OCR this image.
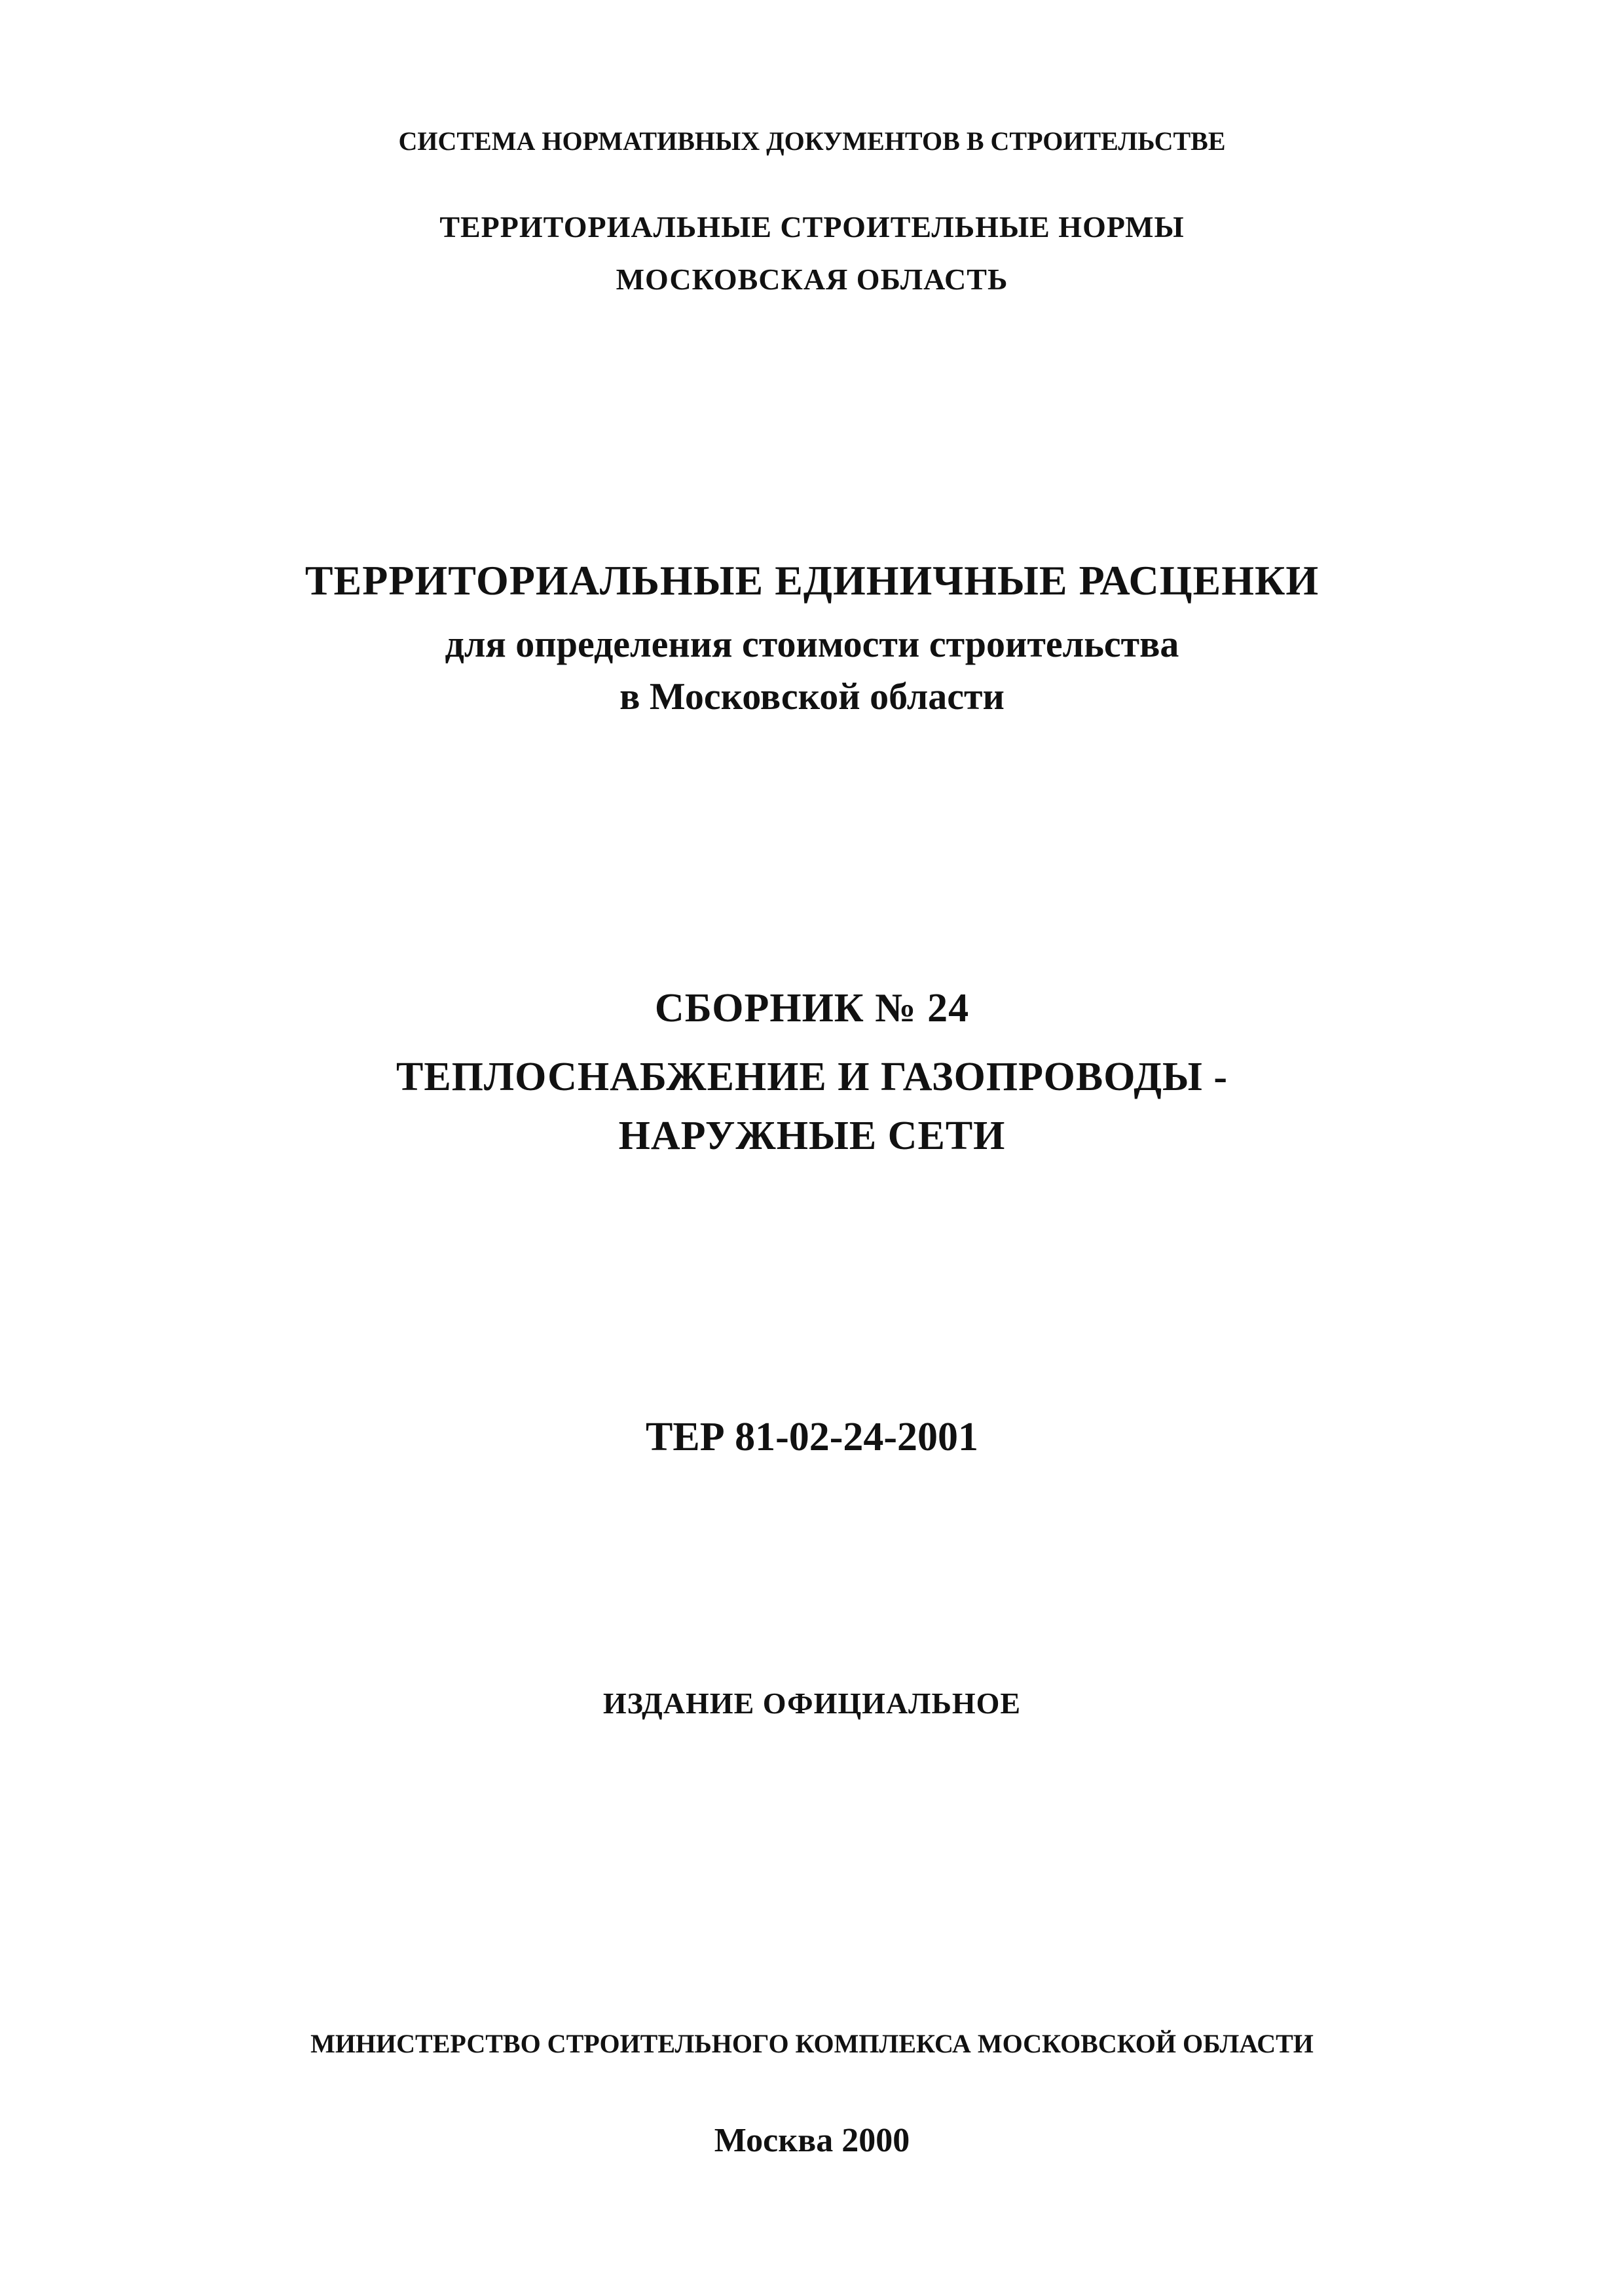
СИСТЕМА НОРМАТИВНЫХ ДОКУМЕНТОВ В СТРОИТЕЛЬСТВЕ
ТЕРРИТОРИАЛЬНЫЕ СТРОИТЕЛЬНЫЕ НОРМЫ
МОСКОВСКАЯ ОБЛАСТЬ
ТЕРРИТОРИАЛЬНЫЕ ЕДИНИЧНЫЕ РАСЦЕНКИ
для определения стоимости строительства
в Московской области
СБОРНИК № 24
ТЕПЛОСНАБЖЕНИЕ И ГАЗОПРОВОДЫ -
НАРУЖНЫЕ СЕТИ
ТЕР 81-02-24-2001
ИЗДАНИЕ ОФИЦИАЛЬНОЕ
МИНИСТЕРСТВО СТРОИТЕЛЬНОГО КОМПЛЕКСА МОСКОВСКОЙ ОБЛАСТИ
Москва 2000
